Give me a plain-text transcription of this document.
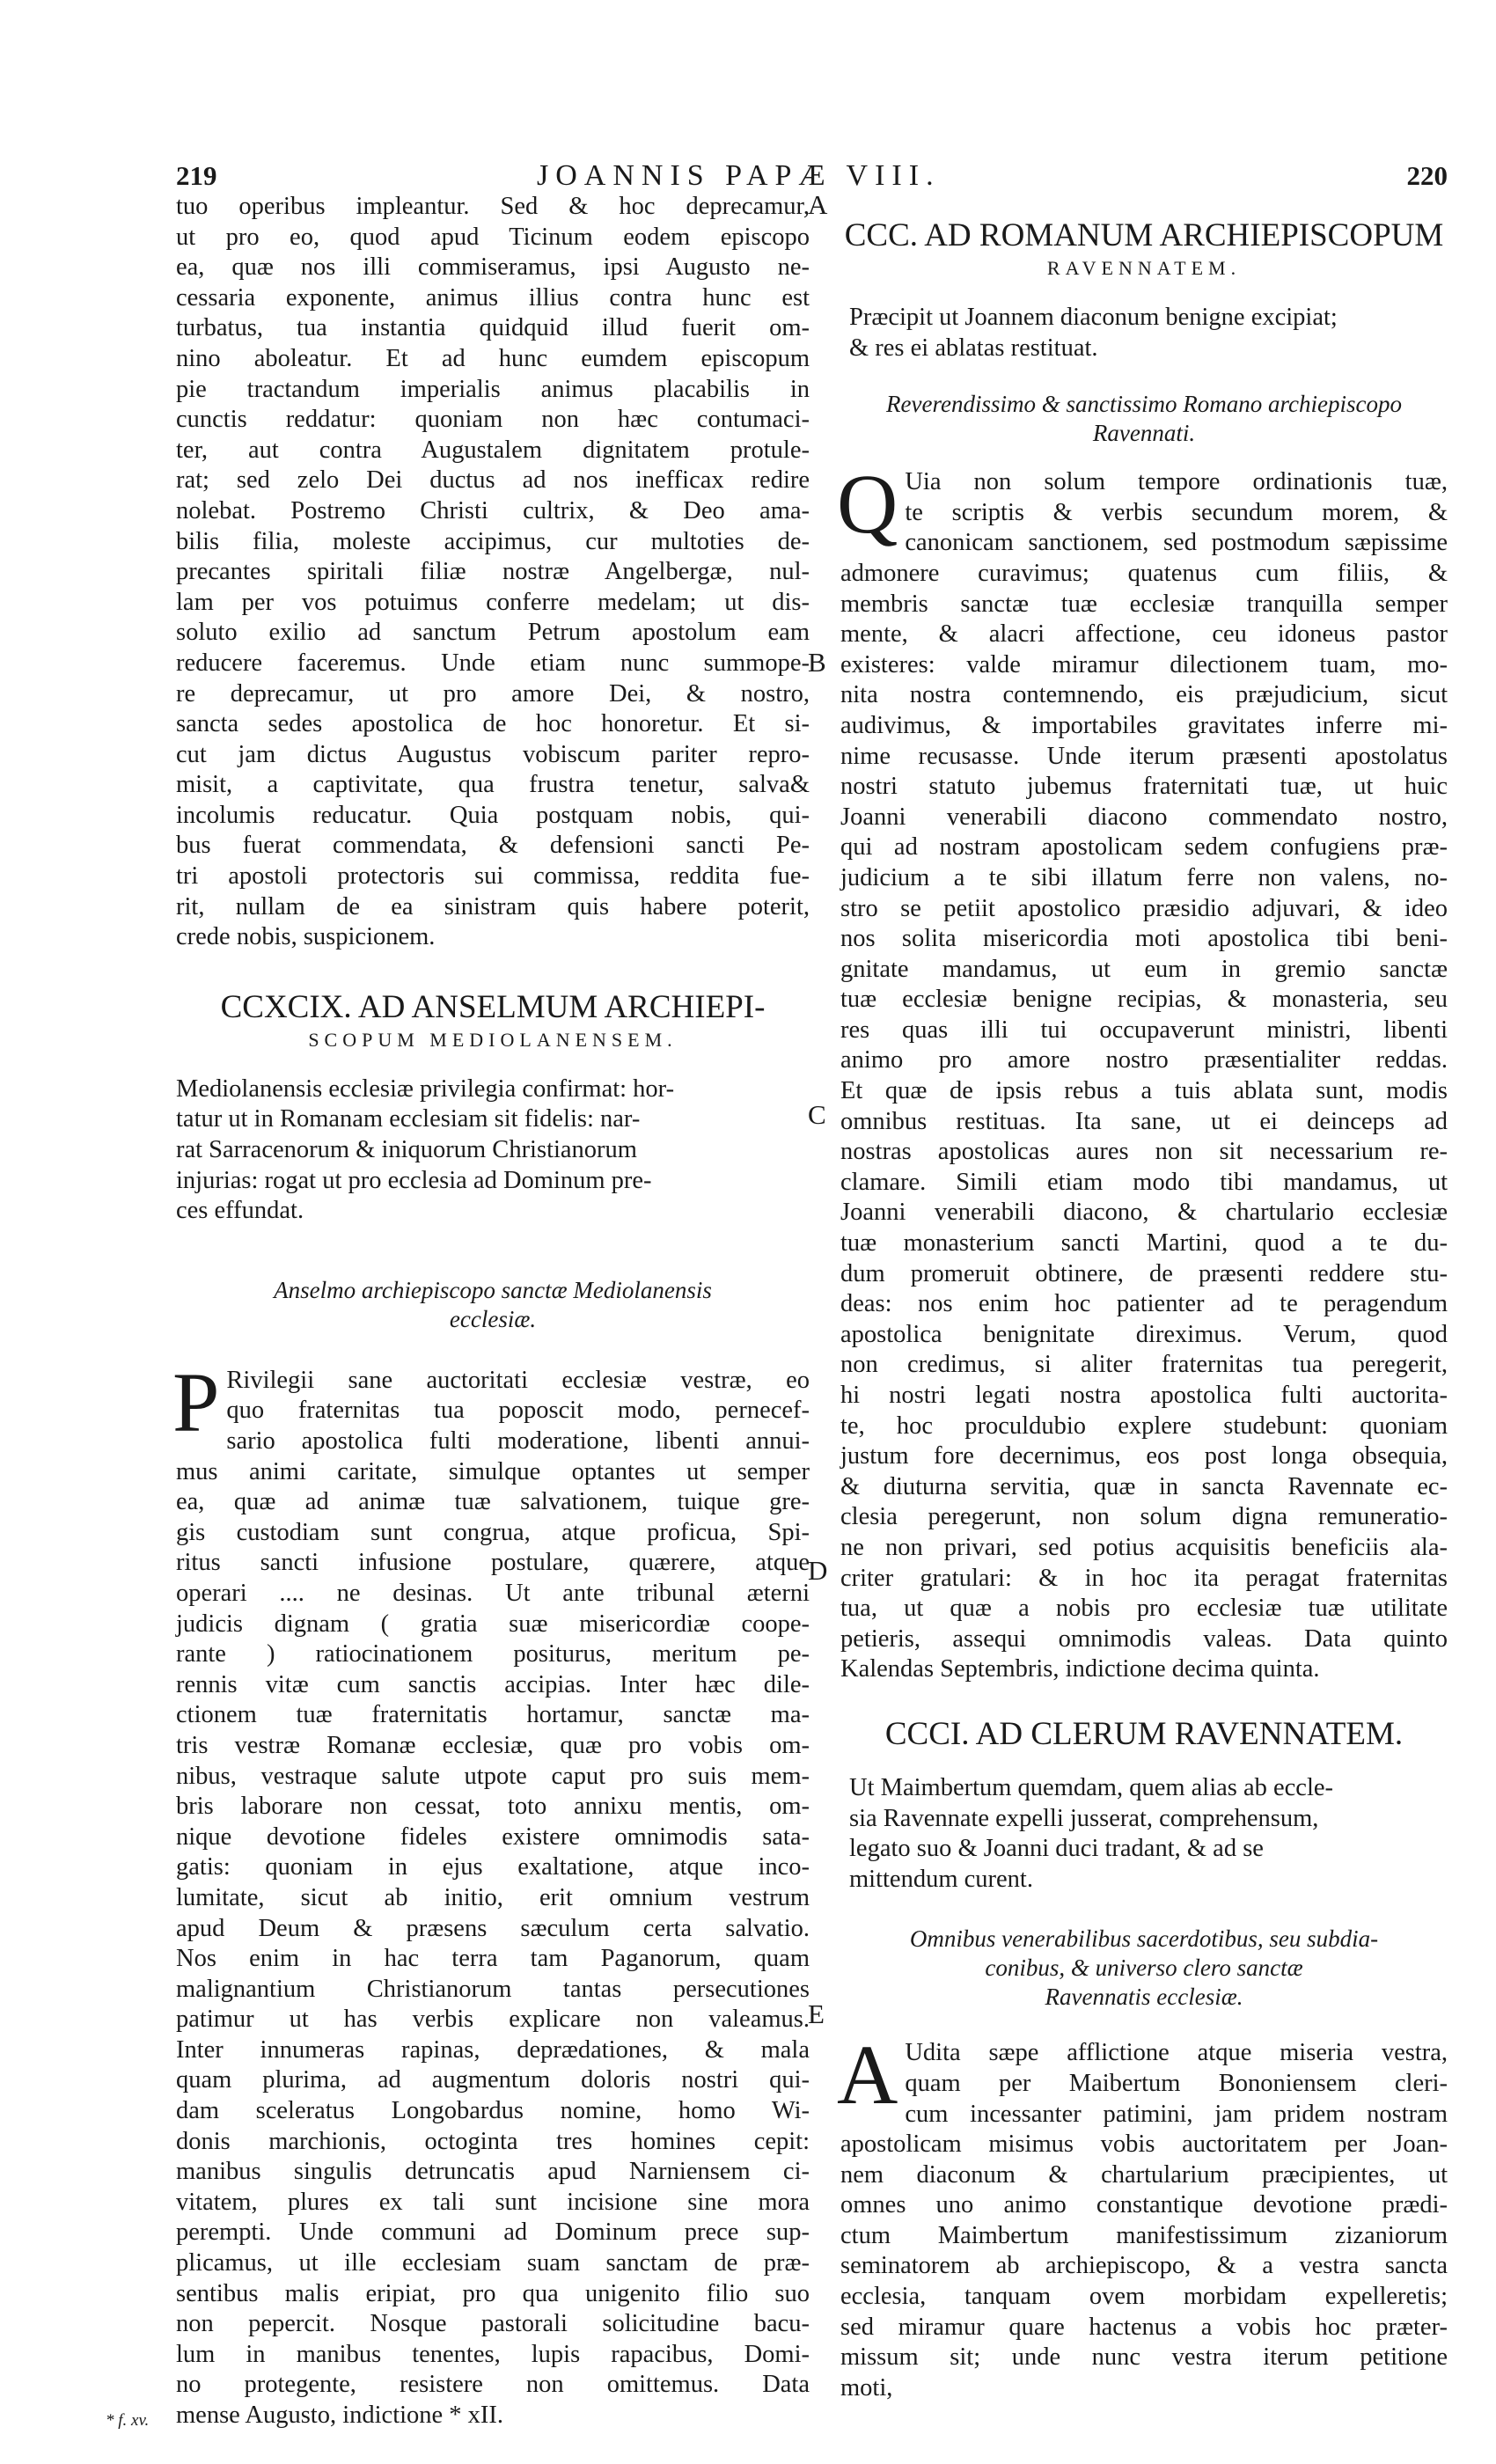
219	JOANNIS PAPÆ VIII.	220
tuo operibus impleantur. Sed & hoc deprecamur,
ut pro eo, quod apud Ticinum eodem episcopo
ea, quæ nos illi commiseramus, ipsi Augusto ne-
cessaria exponente, animus illius contra hunc est
turbatus, tua instantia quidquid illud fuerit om-
nino aboleatur. Et ad hunc eumdem episcopum
pie tractandum imperialis animus placabilis in
cunctis reddatur: quoniam non hæc contumaci-
ter, aut contra Augustalem dignitatem protule-
rat; sed zelo Dei ductus ad nos inefficax redire
nolebat. Postremo Christi cultrix, & Deo ama-
bilis filia, moleste accipimus, cur multoties de-
precantes spiritali filiæ nostræ Angelbergæ, nul-
lam per vos potuimus conferre medelam; ut dis-
soluto exilio ad sanctum Petrum apostolum eam
reducere faceremus. Unde etiam nunc summope-
re deprecamur, ut pro amore Dei, & nostro,
sancta sedes apostolica de hoc honoretur. Et si-
cut jam dictus Augustus vobiscum pariter repro-
misit, a captivitate, qua frustra tenetur, salva&
incolumis reducatur. Quia postquam nobis, qui-
bus fuerat commendata, & defensioni sancti Pe-
tri apostoli protectoris sui commissa, reddita fue-
rit, nullam de ea sinistram quis habere poterit,
crede nobis, suspicionem.

CCXCIX. AD ANSELMUM ARCHIEPI-

SCOPUM MEDIOLANENSEM.

Mediolanensis ecclesiæ privilegia confirmat: hor-
tatur ut in Romanam ecclesiam sit fidelis: nar-
rat Sarracenorum & iniquorum Christianorum
injurias: rogat ut pro ecclesia ad Dominum pre-
ces effundat.
Anselmo archiepiscopo sanctæ Mediolanensis
ecclesiæ.
P Rivilegii sane auctoritati ecclesiæ vestræ, eo
quo fraternitas tua poposcit modo, pernecef-
sario apostolica fulti moderatione, libenti annui-
mus animi caritate, simulque optantes ut semper
ea, quæ ad animæ tuæ salvationem, tuique gre-
gis custodiam sunt congrua, atque proficua, Spi-
ritus sancti infusione postulare, quærere, atque
operari .... ne desinas. Ut ante tribunal æterni
judicis dignam ( gratia suæ misericordiæ coope-
rante ) ratiocinationem positurus, meritum pe-
rennis vitæ cum sanctis accipias. Inter hæc dile-
ctionem tuæ fraternitatis hortamur, sanctæ ma-
tris vestræ Romanæ ecclesiæ, quæ pro vobis om-
nibus, vestraque salute utpote caput pro suis mem-
bris laborare non cessat, toto annixu mentis, om-
nique devotione fideles existere omnimodis sata-
gatis: quoniam in ejus exaltatione, atque inco-
lumitate, sicut ab initio, erit omnium vestrum
apud Deum & præsens sæculum certa salvatio.
Nos enim in hac terra tam Paganorum, quam
malignantium Christianorum tantas persecutiones
patimur ut has verbis explicare non valeamus.
Inter innumeras rapinas, deprædationes, & mala
quam plurima, ad augmentum doloris nostri qui-
dam sceleratus Longobardus nomine, homo Wi-
donis marchionis, octoginta tres homines cepit:
manibus singulis detruncatis apud Narniensem ci-
vitatem, plures ex tali sunt incisione sine mora
perempti. Unde communi ad Dominum prece sup-
plicamus, ut ille ecclesiam suam sanctam de præ-
sentibus malis eripiat, pro qua unigenito filio suo
non pepercit. Nosque pastorali solicitudine bacu-
lum in manibus tenentes, lupis rapacibus, Domi-
no protegente, resistere non omittemus. Data
mense Augusto, indictione * xII.

CCC. AD ROMANUM ARCHIEPISCOPUM

RAVENNATEM.

Præcipit ut Joannem diaconum benigne excipiat;
& res ei ablatas restituat.
Reverendissimo & sanctissimo Romano archiepiscopo
Ravennati.
Q Uia non solum tempore ordinationis tuæ,
te scriptis & verbis secundum morem, &
canonicam sanctionem, sed postmodum sæpissime
admonere curavimus; quatenus cum filiis, &
membris sanctæ tuæ ecclesiæ tranquilla semper
mente, & alacri affectione, ceu idoneus pastor
existeres: valde miramur dilectionem tuam, mo-
nita nostra contemnendo, eis præjudicium, sicut
audivimus, & importabiles gravitates inferre mi-
nime recusasse. Unde iterum præsenti apostolatus
nostri statuto jubemus fraternitati tuæ, ut huic
Joanni venerabili diacono commendato nostro,
qui ad nostram apostolicam sedem confugiens præ-
judicium a te sibi illatum ferre non valens, no-
stro se petiit apostolico præsidio adjuvari, & ideo
nos solita misericordia moti apostolica tibi beni-
gnitate mandamus, ut eum in gremio sanctæ
tuæ ecclesiæ benigne recipias, & monasteria, seu
res quas illi tui occupaverunt ministri, libenti
animo pro amore nostro præsentialiter reddas.
Et quæ de ipsis rebus a tuis ablata sunt, modis
omnibus restituas. Ita sane, ut ei deinceps ad
nostras apostolicas aures non sit necessarium re-
clamare. Simili etiam modo tibi mandamus, ut
Joanni venerabili diacono, & chartulario ecclesiæ
tuæ monasterium sancti Martini, quod a te du-
dum promeruit obtinere, de præsenti reddere stu-
deas: nos enim hoc patienter ad te peragendum
apostolica benignitate direximus. Verum, quod
non credimus, si aliter fraternitas tua peregerit,
hi nostri legati nostra apostolica fulti auctorita-
te, hoc proculdubio explere studebunt: quoniam
justum fore decernimus, eos post longa obsequia,
& diuturna servitia, quæ in sancta Ravennate ec-
clesia peregerunt, non solum digna remuneratio-
ne non privari, sed potius acquisitis beneficiis ala-
criter gratulari: & in hoc ita peragat fraternitas
tua, ut quæ a nobis pro ecclesiæ tuæ utilitate
petieris, assequi omnimodis valeas. Data quinto
Kalendas Septembris, indictione decima quinta.

CCCI. AD CLERUM RAVENNATEM.

Ut Maimbertum quemdam, quem alias ab eccle-
sia Ravennate expelli jusserat, comprehensum,
legato suo & Joanni duci tradant, & ad se
mittendum curent.
Omnibus venerabilibus sacerdotibus, seu subdia-
conibus, & universo clero sanctæ
Ravennatis ecclesiæ.
A Udita sæpe afflictione atque miseria vestra,
quam per Maibertum Bononiensem cleri-
cum incessanter patimini, jam pridem nostram
apostolicam misimus vobis auctoritatem per Joan-
nem diaconum & chartularium præcipientes, ut
omnes uno animo constantique devotione prædi-
ctum Maimbertum manifestissimum zizaniorum
seminatorem ab archiepiscopo, & a vestra sancta
ecclesia, tanquam ovem morbidam expelleretis;
sed miramur quare hactenus a vobis hoc præter-
missum sit; unde nunc vestra iterum petitione
moti,
A
B
C
D
E
* f. xv.
